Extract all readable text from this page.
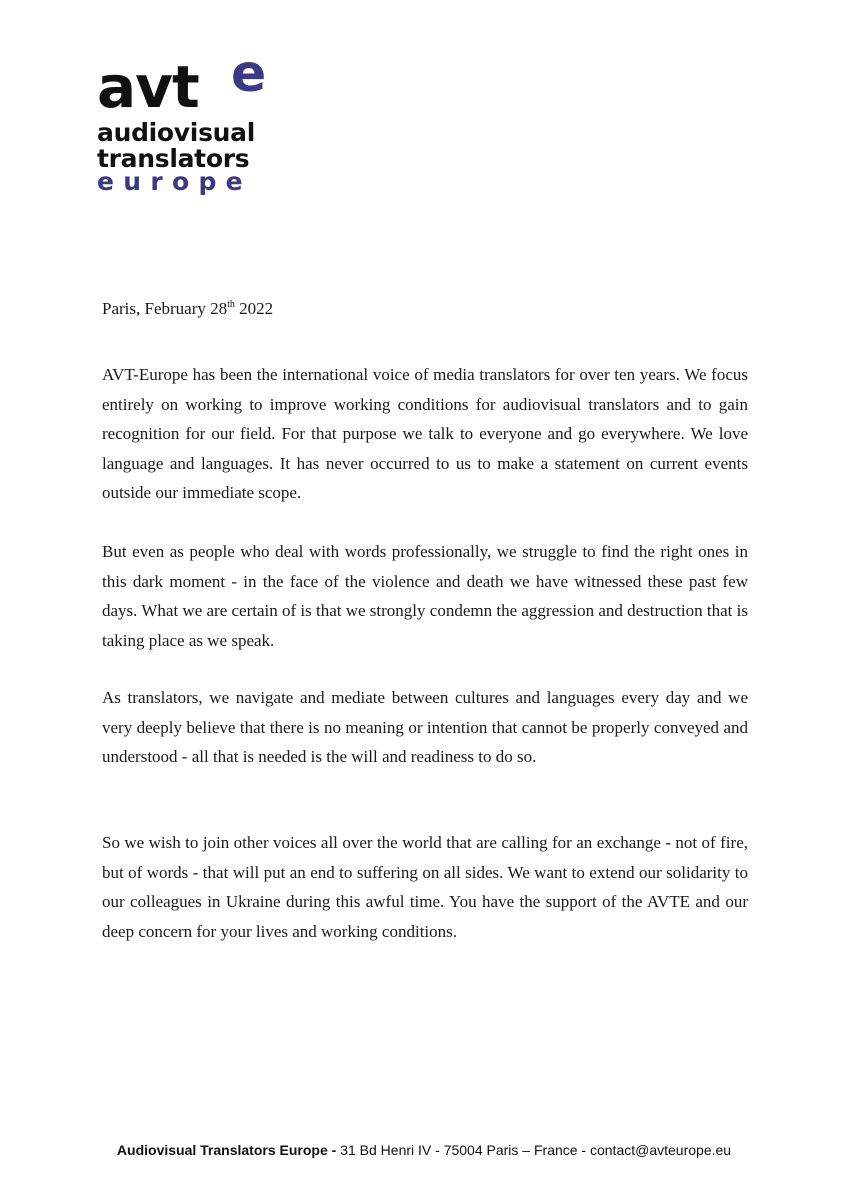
avt e
audiovisual
translators
europe

Paris, February 28th 2022

AVT-Europe has been the international voice of media translators for over ten years. We focus entirely on working to improve working conditions for audiovisual translators and to gain recognition for our field. For that purpose we talk to everyone and go everywhere. We love language and languages. It has never occurred to us to make a statement on current events outside our immediate scope.

But even as people who deal with words professionally, we struggle to find the right ones in this dark moment - in the face of the violence and death we have witnessed these past few days. What we are certain of is that we strongly condemn the aggression and destruction that is taking place as we speak.

As translators, we navigate and mediate between cultures and languages every day and we very deeply believe that there is no meaning or intention that cannot be properly conveyed and understood - all that is needed is the will and readiness to do so.

So we wish to join other voices all over the world that are calling for an exchange - not of fire, but of words - that will put an end to suffering on all sides. We want to extend our solidarity to our colleagues in Ukraine during this awful time. You have the support of the AVTE and our deep concern for your lives and working conditions.

Audiovisual Translators Europe - 31 Bd Henri IV - 75004 Paris – France - contact@avteurope.eu
